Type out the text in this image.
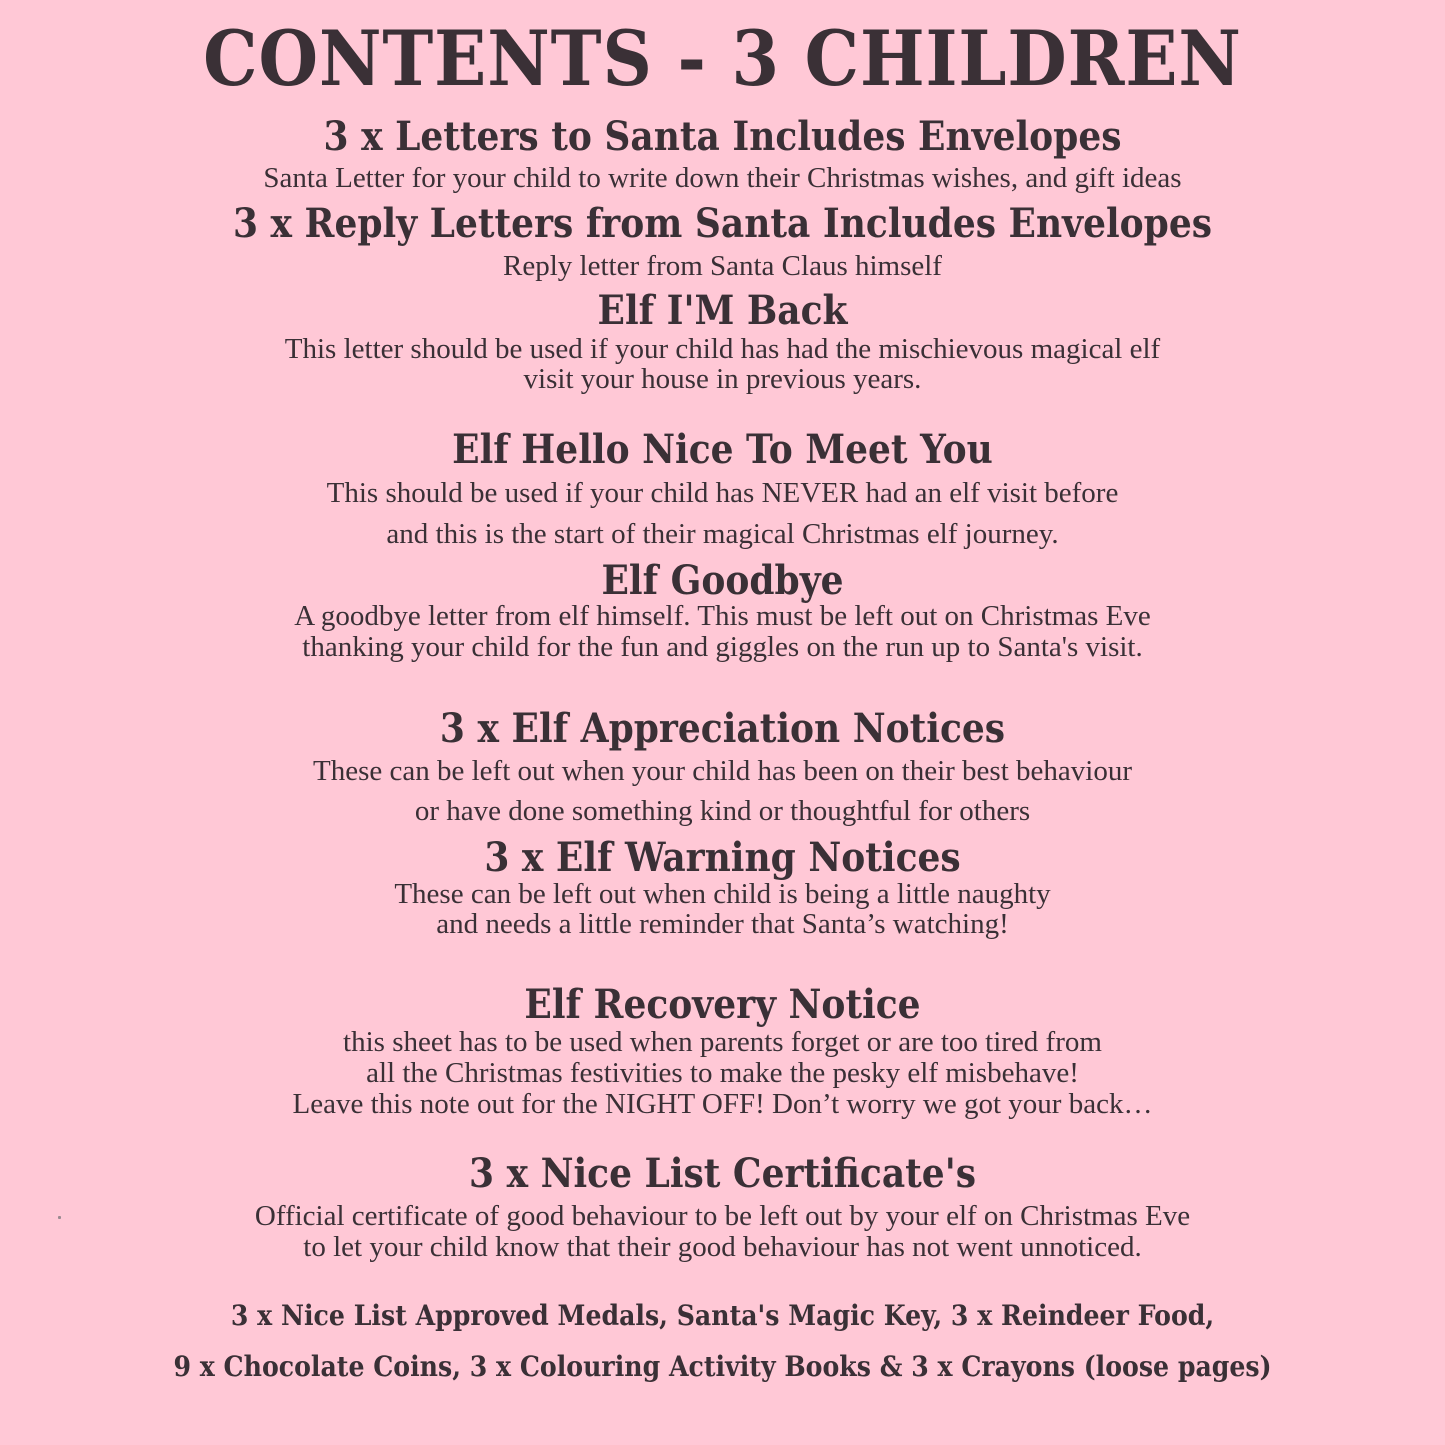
CONTENTS - 3 CHILDREN
3 x Letters to Santa Includes Envelopes
Santa Letter for your child to write down their Christmas wishes, and gift ideas
3 x Reply Letters from Santa Includes Envelopes
Reply letter from Santa Claus himself
Elf I'M Back
This letter should be used if your child has had the mischievous magical elf
visit your house in previous years.
Elf Hello Nice To Meet You
This should be used if your child has NEVER had an elf visit before
and this is the start of their magical Christmas elf journey.
Elf Goodbye
A goodbye letter from elf himself. This must be left out on Christmas Eve
thanking your child for the fun and giggles on the run up to Santa's visit.
3 x Elf Appreciation Notices
These can be left out when your child has been on their best behaviour
or have done something kind or thoughtful for others
3 x Elf Warning Notices
These can be left out when child is being a little naughty
and needs a little reminder that Santa’s watching!
Elf Recovery Notice
this sheet has to be used when parents forget or are too tired from
all the Christmas festivities to make the pesky elf misbehave!
Leave this note out for the NIGHT OFF! Don’t worry we got your back…
3 x Nice List Certificate's
Official certificate of good behaviour to be left out by your elf on Christmas Eve
to let your child know that their good behaviour has not went unnoticed.
3 x Nice List Approved Medals, Santa's Magic Key, 3 x Reindeer Food,
9 x Chocolate Coins, 3 x Colouring Activity Books & 3 x Crayons (loose pages)
